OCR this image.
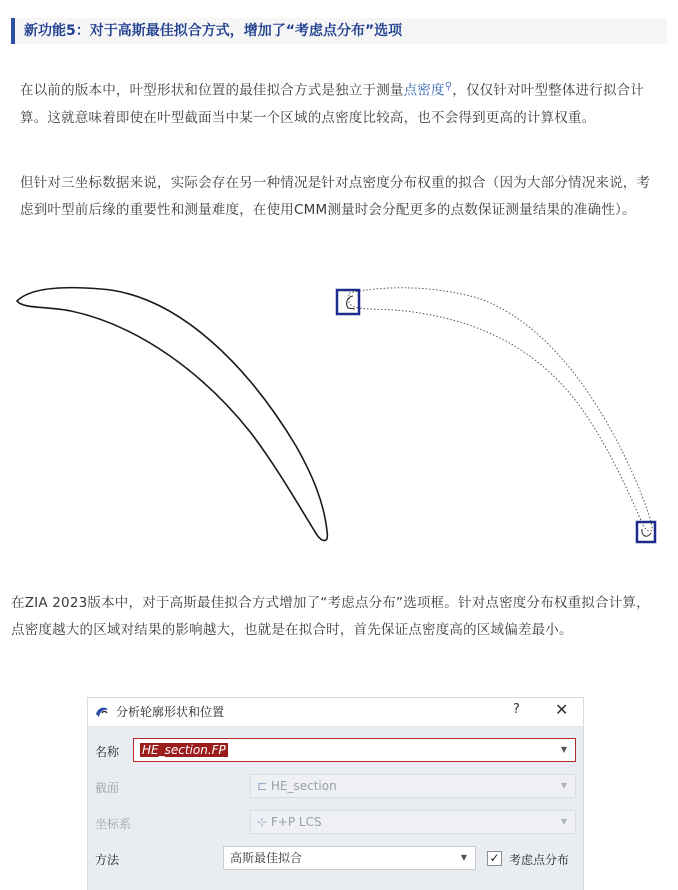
新功能5：对于高斯最佳拟合方式，增加了“考虑点分布”选项

在以前的版本中，叶型形状和位置的最佳拟合方式是独立于测量点密度⚲，仅仅针对叶型整体进行拟合计算。这就意味着即使在叶型截面当中某一个区域的点密度比较高，也不会得到更高的计算权重。

但针对三坐标数据来说，实际会存在另一种情况是针对点密度分布权重的拟合（因为大部分情况来说，考虑到叶型前后缘的重要性和测量难度，在使用CMM测量时会分配更多的点数保证测量结果的准确性）。

在ZIA 2023版本中，对于高斯最佳拟合方式增加了“考虑点分布”选项框。针对点密度分布权重拟合计算，点密度越大的区域对结果的影响越大，也就是在拟合时，首先保证点密度高的区域偏差最小。

分析轮廓形状和位置	? ✕
名称	HE_section.FP	▼
截面	⊏ HE_section	▼
坐标系	⊹ F+P LCS	▼
方法	高斯最佳拟合	▼ ✓ 考虑点分布
